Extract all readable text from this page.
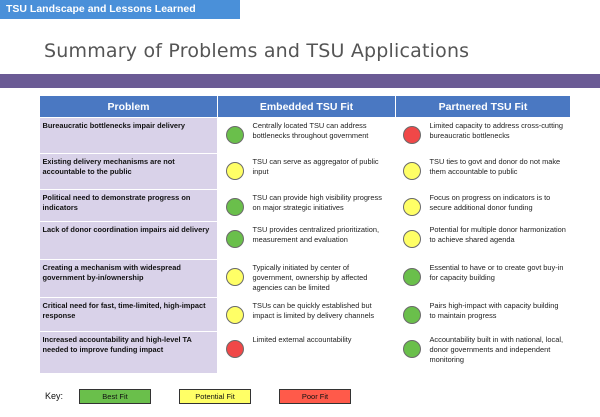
TSU Landscape and Lessons Learned
Summary of Problems and TSU Applications
Problem	Embedded TSU Fit	Partnered TSU Fit
Bureaucratic bottlenecks impair delivery	Centrally located TSU can address bottlenecks throughout government	Limited capacity to address cross-cutting bureaucratic bottlenecks

Existing delivery mechanisms are not accountable to the public	TSU can serve as aggregator of public input	TSU ties to govt and donor do not make them accountable to public

Political need to demonstrate progress on indicators	TSU can provide high visibility progress on major strategic initiatives	Focus on progress on indicators is to secure additional donor funding

Lack of donor coordination impairs aid delivery	TSU provides centralized prioritization, measurement and evaluation	Potential for multiple donor harmonization to achieve shared agenda

Creating a mechanism with widespread government by-in/ownership	Typically initiated by center of government, ownership by affected agencies can be limited	Essential to have or to create govt buy-in for capacity building

Critical need for fast, time-limited, high-impact response	TSUs can be quickly established but impact is limited by delivery channels	Pairs high-impact with capacity building to maintain progress

Increased accountability and high-level TA needed to improve funding impact	Limited external accountability	Accountability built in with national, local, donor governments and independent monitoring
Key:	Best Fit	Potential Fit	Poor Fit
